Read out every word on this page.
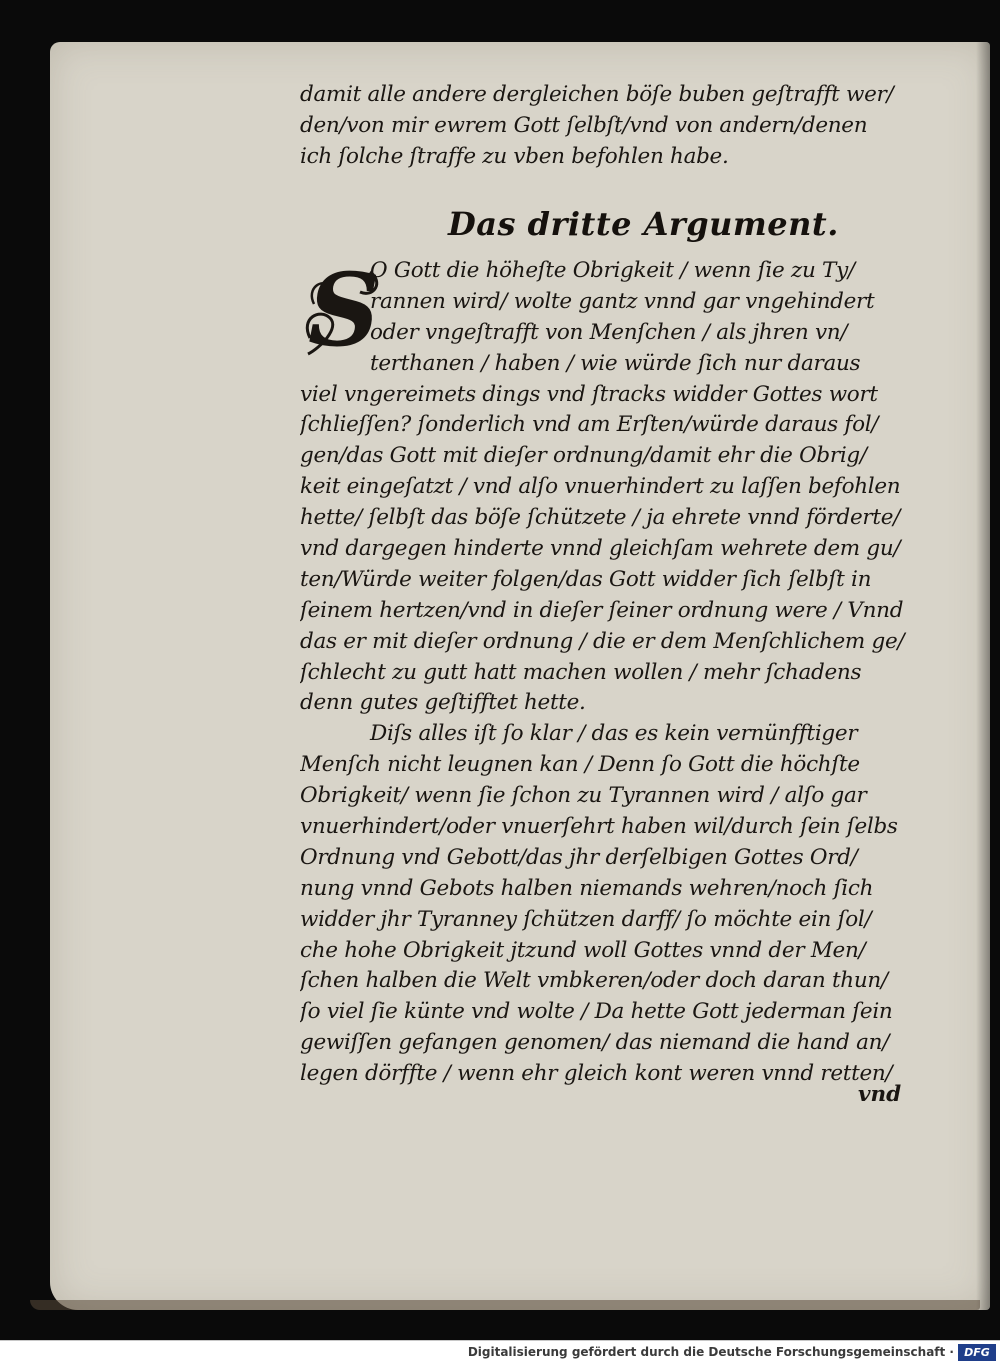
damit alle andere dergleichen böſe buben geſtrafft wer/
den/von mir ewrem Gott ſelbſt/vnd von andern/denen
ich ſolche ſtraffe zu vben befohlen habe.
Das dritte Argument.
S
O Gott die höheſte Obrigkeit / wenn ſie zu Ty/
rannen wird/ wolte gantz vnnd gar vngehindert
oder vngeſtrafft von Menſchen / als jhren vn/
terthanen / haben / wie würde ſich nur daraus
viel vngereimets dings vnd ſtracks widder Gottes wort
ſchlieſſen? ſonderlich vnd am Erſten/würde daraus fol/
gen/das Gott mit dieſer ordnung/damit ehr die Obrig/
keit eingeſatzt / vnd alſo vnuerhindert zu laſſen befohlen
hette/ ſelbſt das böſe ſchützete / ja ehrete vnnd förderte/
vnd dargegen hinderte vnnd gleichſam wehrete dem gu/
ten/Würde weiter folgen/das Gott widder ſich ſelbſt in
ſeinem hertzen/vnd in dieſer ſeiner ordnung were / Vnnd
das er mit dieſer ordnung / die er dem Menſchlichem ge/
ſchlecht zu gutt hatt machen wollen / mehr ſchadens
denn gutes geſtifftet hette.
Diſs alles iſt ſo klar / das es kein vernünfftiger
Menſch nicht leugnen kan / Denn ſo Gott die höchſte
Obrigkeit/ wenn ſie ſchon zu Tyrannen wird / alſo gar
vnuerhindert/oder vnuerſehrt haben wil/durch ſein ſelbs
Ordnung vnd Gebott/das jhr derſelbigen Gottes Ord/
nung vnnd Gebots halben niemands wehren/noch ſich
widder jhr Tyranney ſchützen darff/ ſo möchte ein ſol/
che hohe Obrigkeit jtzund woll Gottes vnnd der Men/
ſchen halben die Welt vmbkeren/oder doch daran thun/
ſo viel ſie künte vnd wolte / Da hette Gott jederman ſein
gewiſſen gefangen genomen/ das niemand die hand an/
legen dörffte / wenn ehr gleich kont weren vnnd retten/
vnd
Digitalisierung gefördert durch die Deutsche Forschungsgemeinschaft · DFG
